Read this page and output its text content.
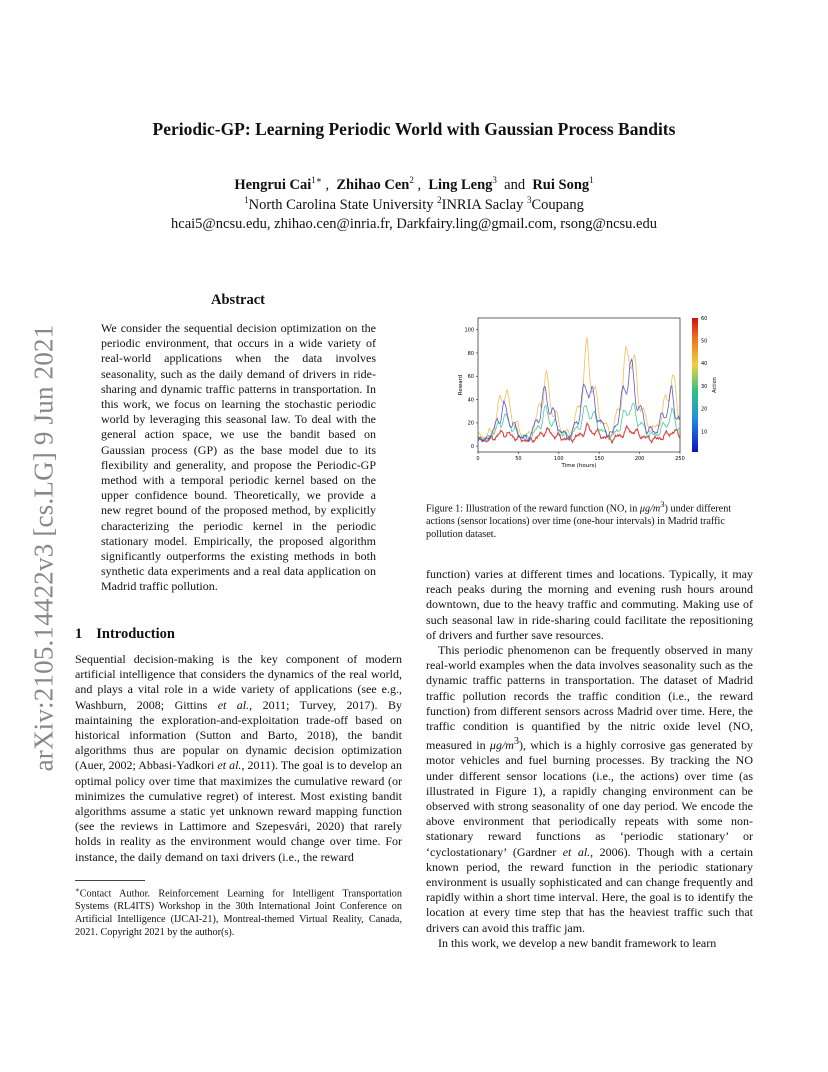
arXiv:2105.14422v3 [cs.LG] 9 Jun 2021
Periodic-GP: Learning Periodic World with Gaussian Process Bandits
Hengrui Cai$^{1∗}$ ,  Zhihao Cen$^2$ ,  Ling Leng$^3$ and Rui Song$^1$
$^1$North Carolina State University $^2$INRIA Saclay $^3$Coupang
hcai5@ncsu.edu, zhihao.cen@inria.fr, Darkfairy.ling@gmail.com, rsong@ncsu.edu
Abstract
We consider the sequential decision optimization on the periodic environment, that occurs in a wide variety of real-world applications when the data involves seasonality, such as the daily demand of drivers in ride-sharing and dynamic traffic patterns in transportation. In this work, we focus on learning the stochastic periodic world by leveraging this seasonal law. To deal with the general action space, we use the bandit based on Gaussian process (GP) as the base model due to its flexibility and generality, and propose the Periodic-GP method with a temporal periodic kernel based on the upper confidence bound. Theoretically, we provide a new regret bound of the proposed method, by explicitly characterizing the periodic kernel in the periodic stationary model. Empirically, the proposed algorithm significantly outperforms the existing methods in both synthetic data experiments and a real data application on Madrid traffic pollution.
1 Introduction
Sequential decision-making is the key component of modern artificial intelligence that considers the dynamics of the real world, and plays a vital role in a wide variety of applications (see e.g., Washburn, 2008; Gittins et al., 2011; Turvey, 2017). By maintaining the exploration-and-exploitation trade-off based on historical information (Sutton and Barto, 2018), the bandit algorithms thus are popular on dynamic decision optimization (Auer, 2002; Abbasi-Yadkori et al., 2011). The goal is to develop an optimal policy over time that maximizes the cumulative reward (or minimizes the cumulative regret) of interest. Most existing bandit algorithms assume a static yet unknown reward mapping function (see the reviews in Lattimore and Szepesvári, 2020) that rarely holds in reality as the environment would change over time. For instance, the daily demand on taxi drivers (i.e., the reward
∗Contact Author. Reinforcement Learning for Intelligent Transportation Systems (RL4ITS) Workshop in the 30th International Joint Conference on Artificial Intelligence (IJCAI-21), Montreal-themed Virtual Reality, Canada, 2021. Copyright 2021 by the author(s).
0	50	100	150	200	250
0
20
40
60
80
100
Time (hours)
Reward
10
20
30
40
50
60
Action
Figure 1: Illustration of the reward function (NO, in $\mu g/m^3$) under different actions (sensor locations) over time (one-hour intervals) in Madrid traffic pollution dataset.

function) varies at different times and locations. Typically, it may reach peaks during the morning and evening rush hours around downtown, due to the heavy traffic and commuting. Making use of such seasonal law in ride-sharing could facilitate the repositioning of drivers and further save resources.

This periodic phenomenon can be frequently observed in many real-world examples when the data involves seasonality such as the dynamic traffic patterns in transportation. The dataset of Madrid traffic pollution records the traffic condition (i.e., the reward function) from different sensors across Madrid over time. Here, the traffic condition is quantified by the nitric oxide level (NO, measured in $\mu g/m^3$), which is a highly corrosive gas generated by motor vehicles and fuel burning processes. By tracking the NO under different sensor locations (i.e., the actions) over time (as illustrated in Figure 1), a rapidly changing environment can be observed with strong seasonality of one day period. We encode the above environment that periodically repeats with some non-stationary reward functions as ‘periodic stationary’ or ‘cyclostationary’ (Gardner et al., 2006). Though with a certain known period, the reward function in the periodic stationary environment is usually sophisticated and can change frequently and rapidly within a short time interval. Here, the goal is to identify the location at every time step that has the heaviest traffic such that drivers can avoid this traffic jam.

In this work, we develop a new bandit framework to learn
